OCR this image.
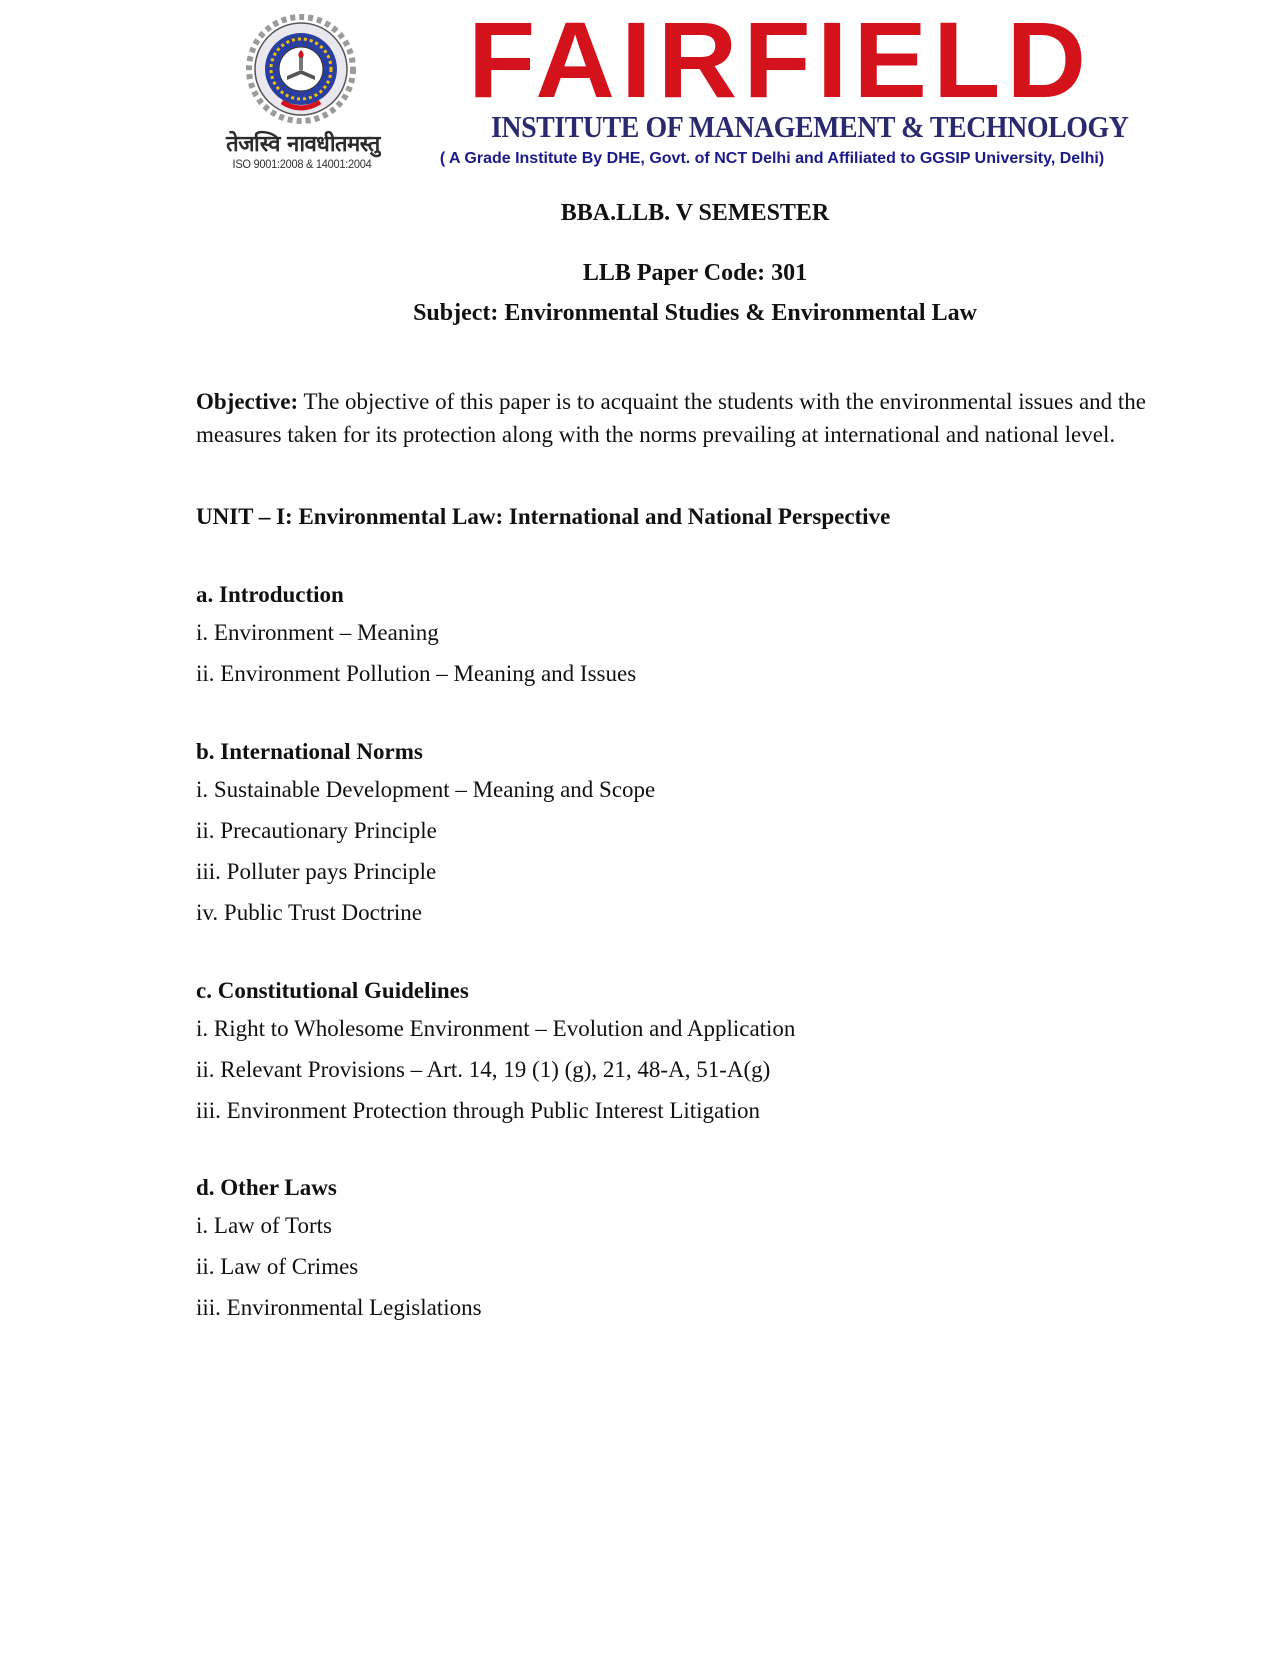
तेजस्वि नावधीतमस्तु
ISO 9001:2008 & 14001:2004
FAIRFIELD
INSTITUTE OF MANAGEMENT & TECHNOLOGY
( A Grade Institute By DHE, Govt. of NCT Delhi and Affiliated to GGSIP University, Delhi)
BBA.LLB. V SEMESTER
LLB Paper Code: 301
Subject: Environmental Studies & Environmental Law
Objective: The objective of this paper is to acquaint the students with the environmental issues and the measures taken for its protection along with the norms prevailing at international and national level.
UNIT – I: Environmental Law: International and National Perspective
a. Introduction
i. Environment – Meaning
ii. Environment Pollution – Meaning and Issues
b. International Norms
i. Sustainable Development – Meaning and Scope
ii. Precautionary Principle
iii. Polluter pays Principle
iv. Public Trust Doctrine
c. Constitutional Guidelines
i. Right to Wholesome Environment – Evolution and Application
ii. Relevant Provisions – Art. 14, 19 (1) (g), 21, 48-A, 51-A(g)
iii. Environment Protection through Public Interest Litigation
d. Other Laws
i. Law of Torts
ii. Law of Crimes
iii. Environmental Legislations
